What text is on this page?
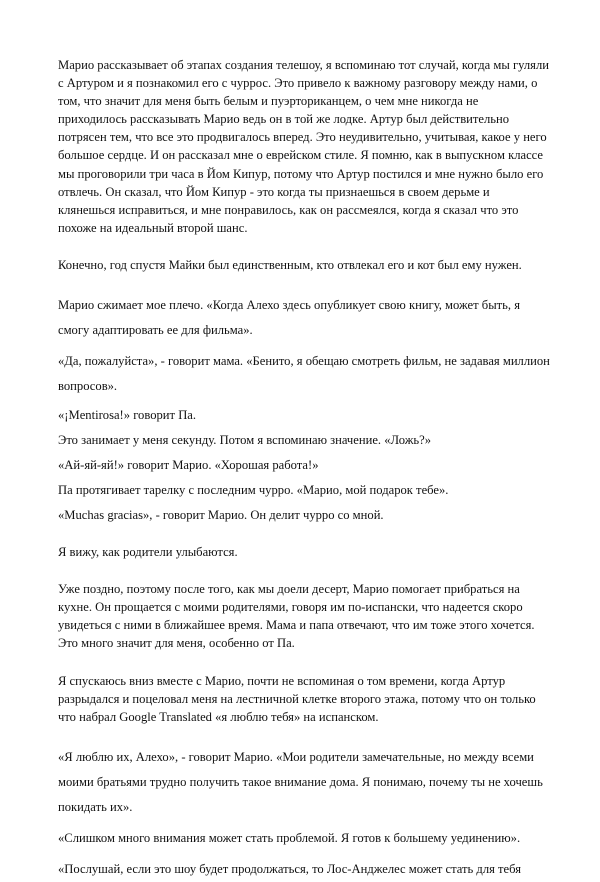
Марио рассказывает об этапах создания телешоу, я вспоминаю тот случай, когда мы гуляли с Артуром и я познакомил его с чуррос. Это привело к важному разговору между нами, о том, что значит для меня быть белым и пуэрториканцем, о чем мне никогда не приходилось рассказывать Марио ведь он в той же лодке. Артур был действительно потрясен тем, что все это продвигалось вперед. Это неудивительно, учитывая, какое у него большое сердце. И он рассказал мне о еврейском стиле. Я помню, как в выпускном классе мы проговорили три часа в Йом Кипур, потому что Артур постился и мне нужно было его отвлечь. Он сказал, что Йом Кипур - это когда ты признаешься в своем дерьме и клянешься исправиться, и мне понравилось, как он рассмеялся, когда я сказал что это похоже на идеальный второй шанс.

Конечно, год спустя Майки был единственным, кто отвлекал его и кот был ему нужен.

Марио сжимает мое плечо. «Когда Алехо здесь опубликует свою книгу, может быть, я смогу адаптировать ее для фильма».

«Да, пожалуйста», - говорит мама. «Бенито, я обещаю смотреть фильм, не задавая миллион вопросов».

«¡Mentirosa!» говорит Па.

Это занимает у меня секунду. Потом я вспоминаю значение. «Ложь?»

«Ай-яй-яй!» говорит Марио. «Хорошая работа!»

Па протягивает тарелку с последним чурро. «Марио, мой подарок тебе».

«Muchas gracias», - говорит Марио. Он делит чурро со мной.

Я вижу, как родители улыбаются.

Уже поздно, поэтому после того, как мы доели десерт, Марио помогает прибраться на кухне. Он прощается с моими родителями, говоря им по-испански, что надеется скоро увидеться с ними в ближайшее время. Мама и папа отвечают, что им тоже этого хочется. Это много значит для меня, особенно от Па.

Я спускаюсь вниз вместе с Марио, почти не вспоминая о том времени, когда Артур разрыдался и поцеловал меня на лестничной клетке второго этажа, потому что он только что набрал Google Translated «я люблю тебя» на испанском.

«Я люблю их, Алехо», - говорит Марио. «Мои родители замечательные, но между всеми моими братьями трудно получить такое внимание дома. Я понимаю, почему ты не хочешь покидать их».

«Слишком много внимания может стать проблемой. Я готов к большему уединению».

«Послушай, если это шоу будет продолжаться, то Лос-Анджелес может стать для тебя
